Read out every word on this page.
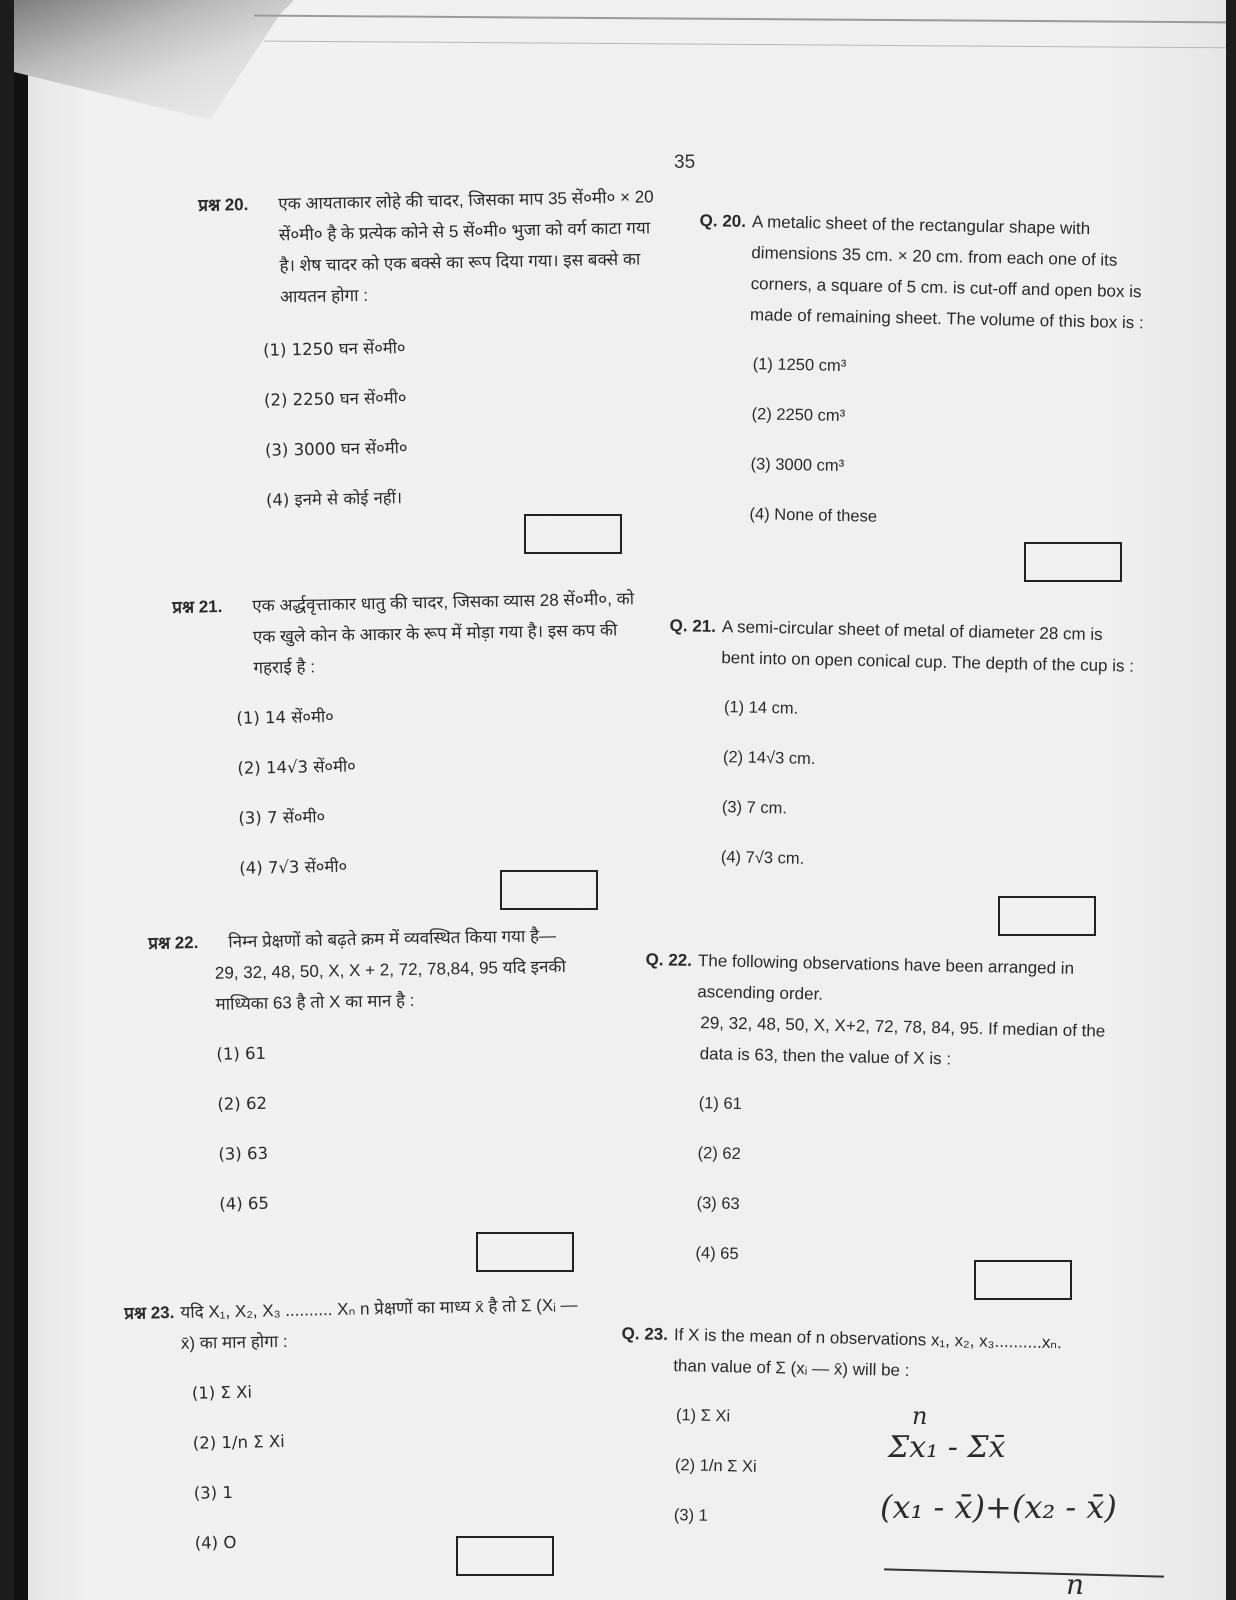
35
प्रश्न 20.	एक आयताकार लोहे की चादर, जिसका माप 35 सें०मी० × 20 सें०मी० है के प्रत्येक कोने से 5 सें०मी० भुजा को वर्ग काटा गया है। शेष चादर को एक बक्से का रूप दिया गया। इस बक्से का आयतन होगा :
(1) 1250 घन सें०मी०
(2) 2250 घन सें०मी०
(3) 3000 घन सें०मी०
(4) इनमे से कोई नहीं।
Q. 20. A metalic sheet of the rectangular shape with dimensions 35 cm. × 20 cm. from each one of its corners, a square of 5 cm. is cut-off and open box is made of remaining sheet. The volume of this box is :
(1) 1250 cm³
(2) 2250 cm³
(3) 3000 cm³
(4) None of these
प्रश्न 21.	एक अर्द्धवृत्ताकार धातु की चादर, जिसका व्यास 28 सें०मी०, को एक खुले कोन के आकार के रूप में मोड़ा गया है। इस कप की गहराई है :
(1) 14 सें०मी०
(2) 14√3 सें०मी०
(3) 7 सें०मी०
(4) 7√3 सें०मी०
Q. 21. A semi-circular sheet of metal of diameter 28 cm is bent into on open conical cup. The depth of the cup is :
(1) 14 cm.
(2) 14√3 cm.
(3) 7 cm.
(4) 7√3 cm.
प्रश्न 22.	निम्न प्रेक्षणों को बढ़ते क्रम में व्यवस्थित किया गया है—
29, 32, 48, 50, X, X + 2, 72, 78,84, 95 यदि इनकी माध्यिका 63 है तो X का मान है :
(1) 61
(2) 62
(3) 63
(4) 65
Q. 22. The following observations have been arranged in ascending order.
29, 32, 48, 50, X, X+2, 72, 78, 84, 95. If median of the data is 63, then the value of X is :
(1) 61
(2) 62
(3) 63
(4) 65
प्रश्न 23. यदि X₁, X₂, X₃ .......... Xₙ n प्रेक्षणों का माध्य x̄ है तो Σ (Xᵢ — x̄) का मान होगा :
(1) Σ Xi
(2) 1/n Σ Xi
(3) 1
(4) O
Q. 23. If X is the mean of n observations x₁, x₂, x₃..........xₙ. than value of Σ (xᵢ — x̄) will be :
(1) Σ Xi
(2) 1/n Σ Xi
(3) 1
n
Σx₁ - Σx̄
(x₁ - x̄)+(x₂ - x̄)
n
